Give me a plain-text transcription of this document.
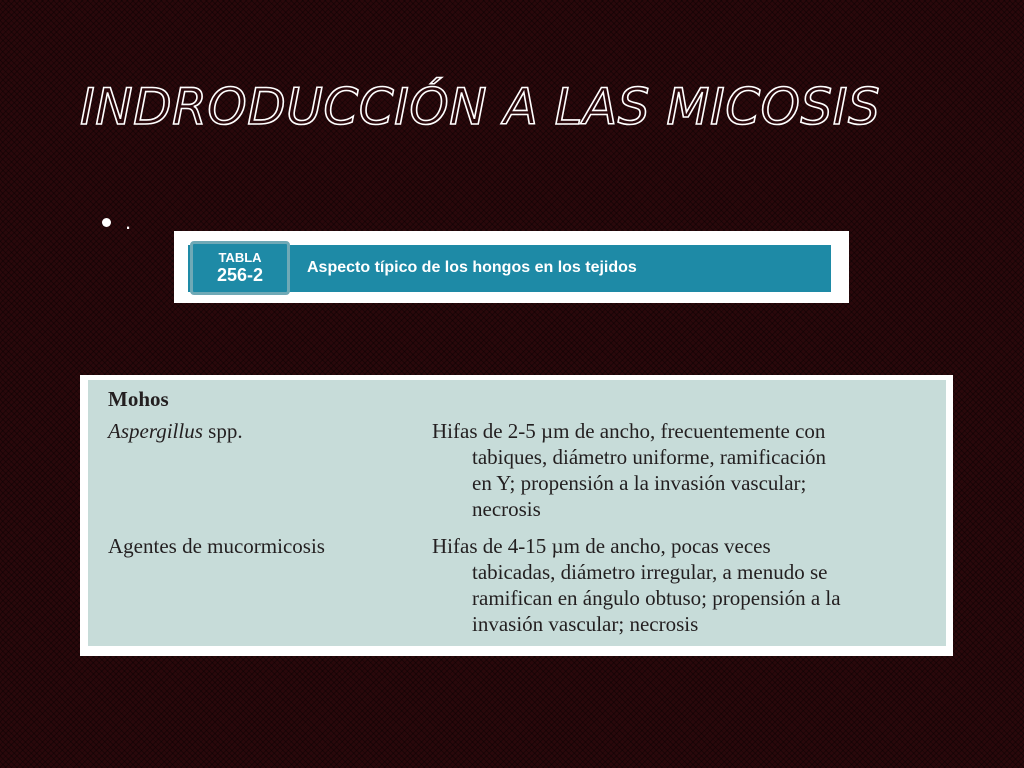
INDRODUCCIÓN A LAS MICOSIS
.
TABLA
256-2	Aspecto típico de los hongos en los tejidos
Mohos
Aspergillus spp.	Hifas de 2-5 µm de ancho, frecuentemente con
tabiques, diámetro uniforme, ramificación
en Y; propensión a la invasión vascular;
necrosis
Agentes de mucormicosis	Hifas de 4-15 µm de ancho, pocas veces
tabicadas, diámetro irregular, a menudo se
ramifican en ángulo obtuso; propensión a la
invasión vascular; necrosis
